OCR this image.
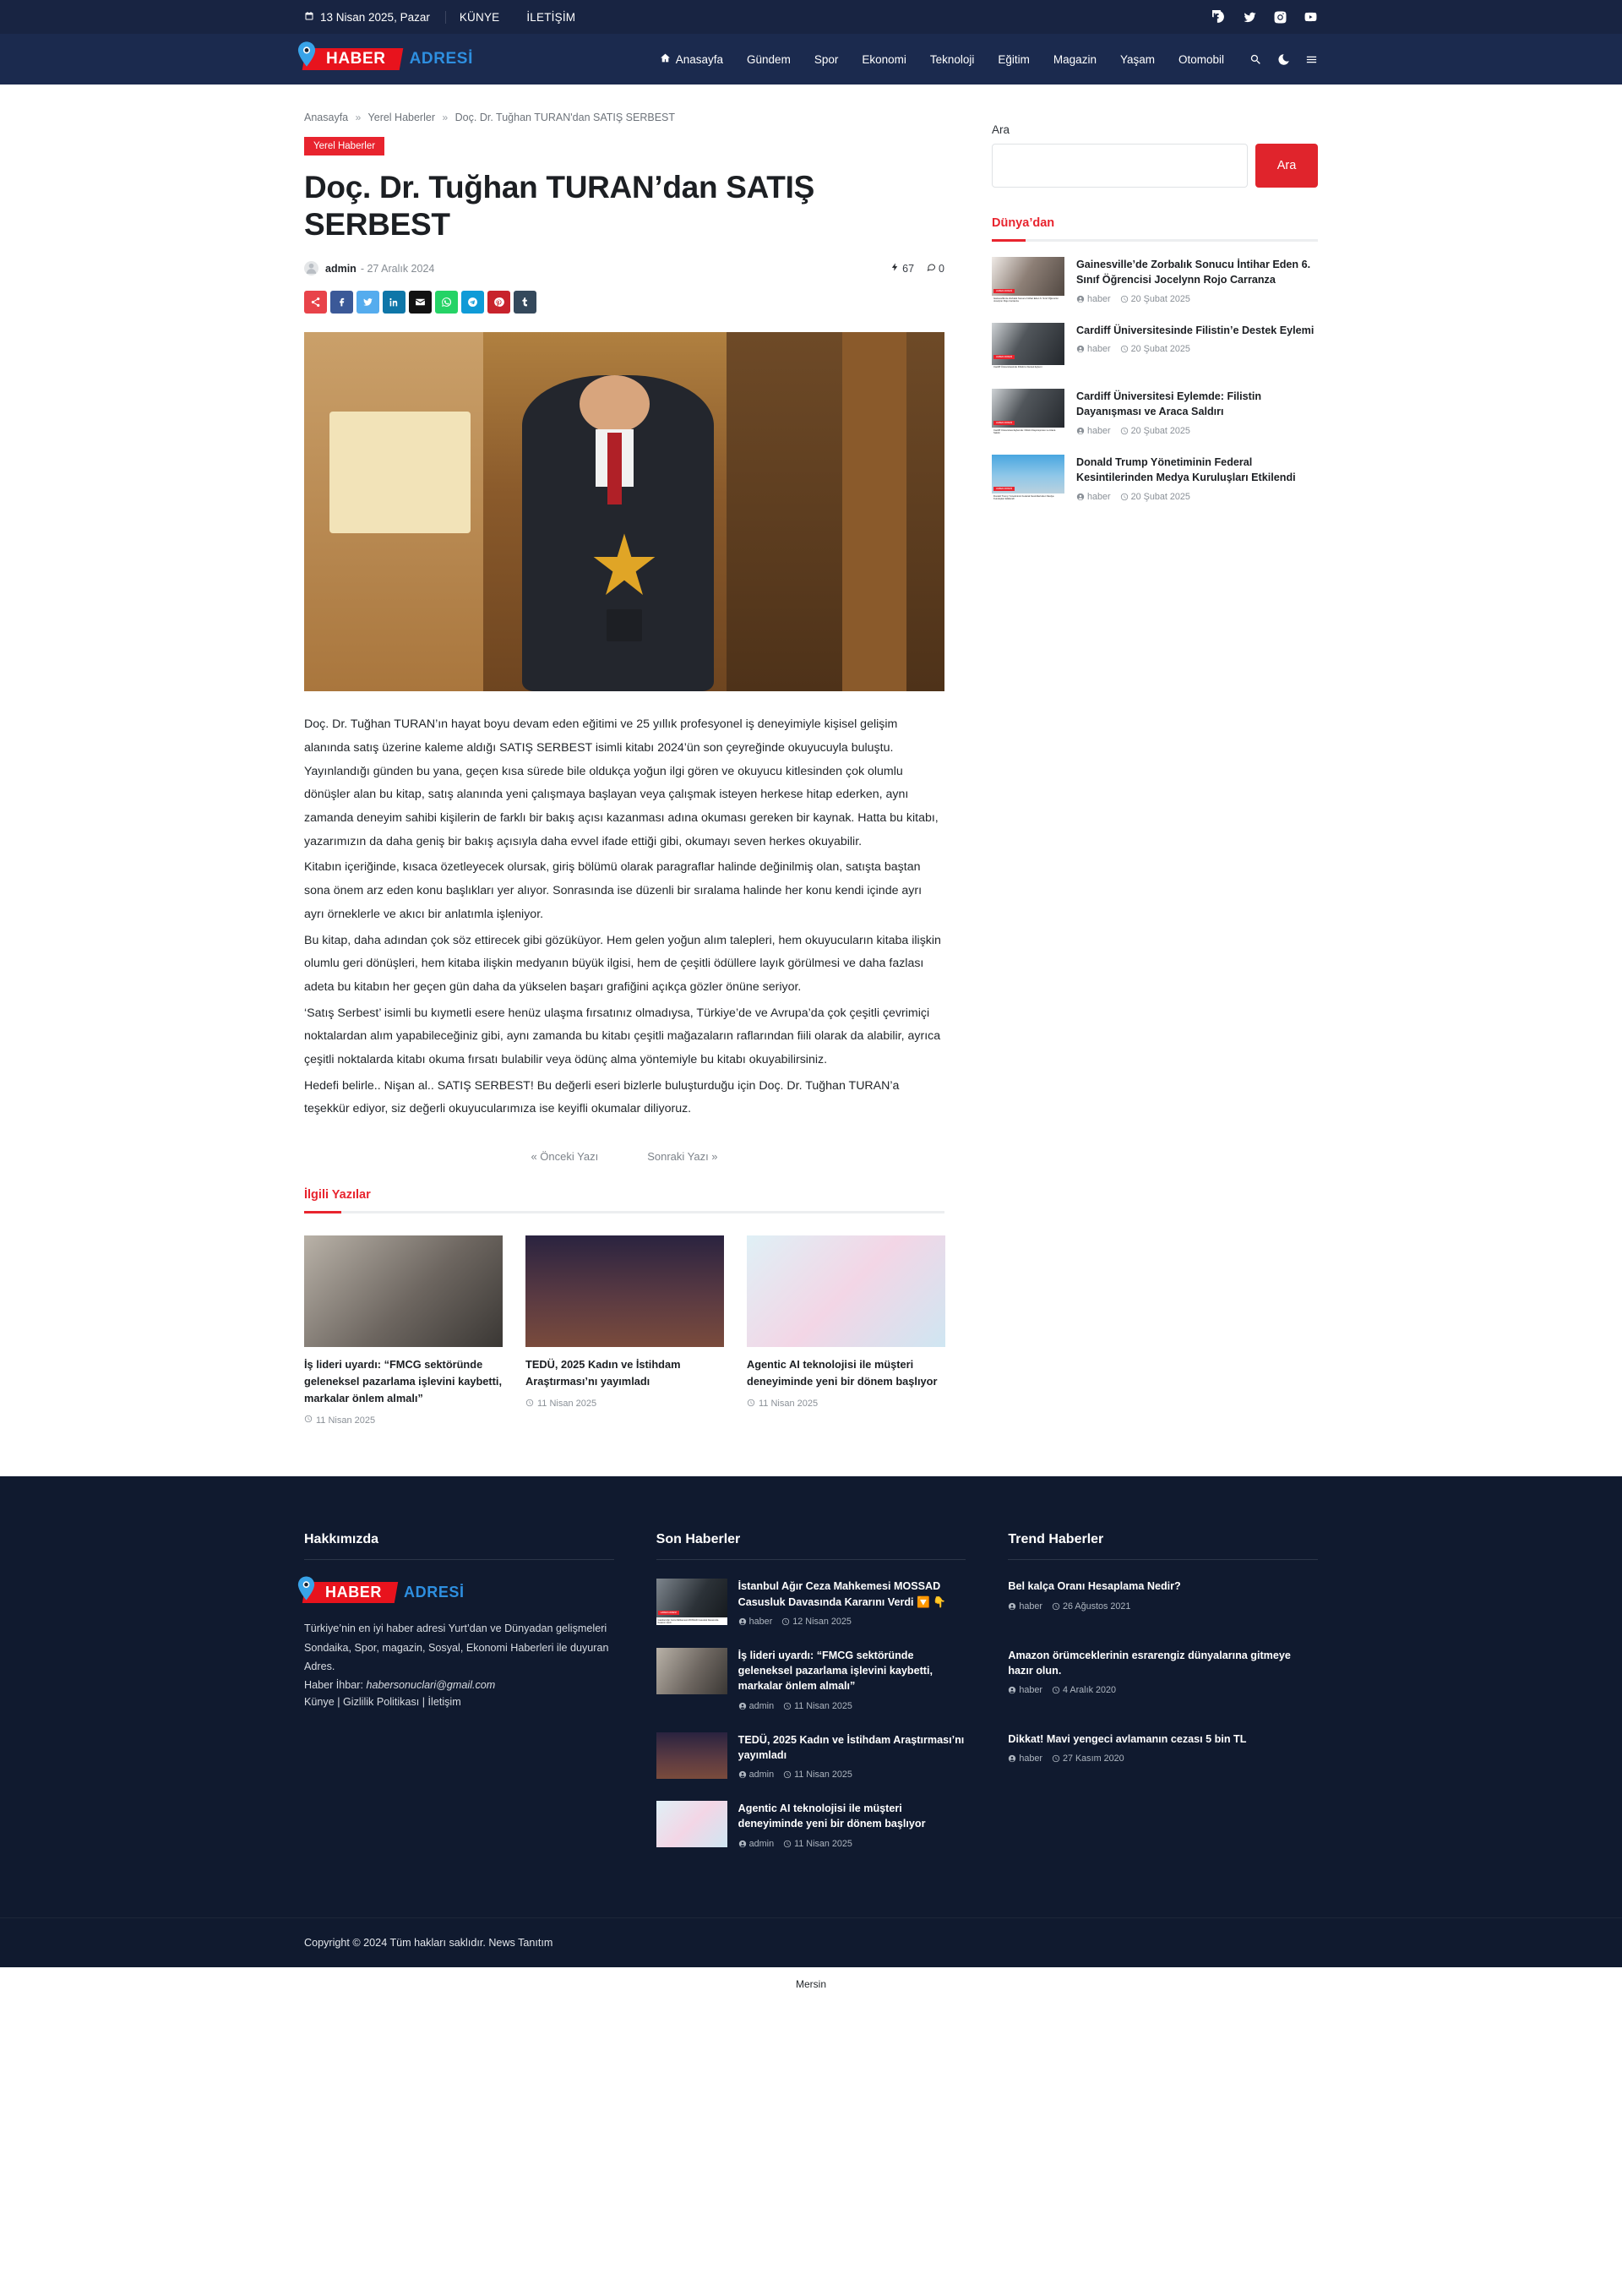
13 Nisan 2025, Pazar	KÜNYE	İLETİŞİM
HABER ADRESİ	Anasayfa	Gündem	Spor	Ekonomi	Teknoloji	Eğitim	Magazin	Yaşam	Otomobil
Anasayfa » Yerel Haberler » Doç. Dr. Tuğhan TURAN'dan SATIŞ SERBEST
Yerel Haberler
Doç. Dr. Tuğhan TURAN’dan SATIŞ SERBEST
admin - 27 Aralık 2024	67 0

Doç. Dr. Tuğhan TURAN’ın hayat boyu devam eden eğitimi ve 25 yıllık profesyonel iş deneyimiyle kişisel gelişim alanında satış üzerine kaleme aldığı SATIŞ SERBEST isimli kitabı 2024’ün son çeyreğinde okuyucuyla buluştu. Yayınlandığı günden bu yana, geçen kısa sürede bile oldukça yoğun ilgi gören ve okuyucu kitlesinden çok olumlu dönüşler alan bu kitap, satış alanında yeni çalışmaya başlayan veya çalışmak isteyen herkese hitap ederken, aynı zamanda deneyim sahibi kişilerin de farklı bir bakış açısı kazanması adına okuması gereken bir kaynak. Hatta bu kitabı, yazarımızın da daha geniş bir bakış açısıyla daha evvel ifade ettiği gibi, okumayı seven herkes okuyabilir.

Kitabın içeriğinde, kısaca özetleyecek olursak, giriş bölümü olarak paragraflar halinde değinilmiş olan, satışta baştan sona önem arz eden konu başlıkları yer alıyor. Sonrasında ise düzenli bir sıralama halinde her konu kendi içinde ayrı ayrı örneklerle ve akıcı bir anlatımla işleniyor.

Bu kitap, daha adından çok söz ettirecek gibi gözüküyor. Hem gelen yoğun alım talepleri, hem okuyucuların kitaba ilişkin olumlu geri dönüşleri, hem kitaba ilişkin medyanın büyük ilgisi, hem de çeşitli ödüllere layık görülmesi ve daha fazlası adeta bu kitabın her geçen gün daha da yükselen başarı grafiğini açıkça gözler önüne seriyor.

‘Satış Serbest’ isimli bu kıymetli esere henüz ulaşma fırsatınız olmadıysa, Türkiye’de ve Avrupa’da çok çeşitli çevrimiçi noktalardan alım yapabileceğiniz gibi, aynı zamanda bu kitabı çeşitli mağazaların raflarından fiili olarak da alabilir, ayrıca çeşitli noktalarda kitabı okuma fırsatı bulabilir veya ödünç alma yöntemiyle bu kitabı okuyabilirsiniz.

Hedefi belirle.. Nişan al.. SATIŞ SERBEST! Bu değerli eseri bizlerle buluşturduğu için Doç. Dr. Tuğhan TURAN’a teşekkür ediyor, siz değerli okuyucularımıza ise keyifli okumalar diliyoruz.

« Önceki Yazı	Sonraki Yazı »
İlgili Yazılar
İş lideri uyardı: “FMCG sektöründe geleneksel pazarlama işlevini kaybetti, markalar önlem almalı”
11 Nisan 2025
TEDÜ, 2025 Kadın ve İstihdam Araştırması’nı yayımladı
11 Nisan 2025
Agentic AI teknolojisi ile müşteri deneyiminde yeni bir dönem başlıyor
11 Nisan 2025
Ara
Ara
Dünya’dan
HABER ADRESİ
Gainesville'de Zorbalık Sonucu İntihar Eden 6. Sınıf Öğrencisi Jocelynn Rojo Carranza
Gainesville’de Zorbalık Sonucu İntihar Eden 6. Sınıf Öğrencisi Jocelynn Rojo Carranza
haber 20 Şubat 2025
HABER ADRESİ
Cardiff Üniversitesinde Filistin'e Destek Eylemi
Cardiff Üniversitesinde Filistin’e Destek Eylemi
haber 20 Şubat 2025
HABER ADRESİ
Cardiff Üniversitesi Eylemde: Filistin Dayanışması ve Araca Saldırı
Cardiff Üniversitesi Eylemde: Filistin Dayanışması ve Araca Saldırı
haber 20 Şubat 2025
HABER ADRESİ
Donald Trump Yönetiminin Federal Kesintilerinden Medya Kuruluşları Etkilendi
Donald Trump Yönetiminin Federal Kesintilerinden Medya Kuruluşları Etkilendi
haber 20 Şubat 2025
Hakkımızda
HABER ADRESİ
Türkiye’nin en iyi haber adresi Yurt’dan ve Dünyadan gelişmeleri Sondaika, Spor, magazin, Sosyal, Ekonomi Haberleri ile duyuran Adres.
Haber İhbar: habersonuclari@gmail.com
Künye | Gizlilik Politikası | İletişim
Son Haberler
HABER ADRESİ
İstanbul Ağır Ceza Mahkemesi MOSSAD Casusluk Davasında Kararını Verdi
İstanbul Ağır Ceza Mahkemesi MOSSAD Casusluk Davasında Kararını Verdi 🔽 👇
haber 12 Nisan 2025
İş lideri uyardı: “FMCG sektöründe geleneksel pazarlama işlevini kaybetti, markalar önlem almalı”
admin 11 Nisan 2025
TEDÜ, 2025 Kadın ve İstihdam Araştırması’nı yayımladı
admin 11 Nisan 2025
Agentic AI teknolojisi ile müşteri deneyiminde yeni bir dönem başlıyor
admin 11 Nisan 2025
Trend Haberler
Bel kalça Oranı Hesaplama Nedir?
haber 26 Ağustos 2021
Amazon örümceklerinin esrarengiz dünyalarına gitmeye hazır olun.
haber 4 Aralık 2020
Dikkat! Mavi yengeci avlamanın cezası 5 bin TL
haber 27 Kasım 2020
Copyright © 2024 Tüm hakları saklıdır. News Tanıtım
Mersin
